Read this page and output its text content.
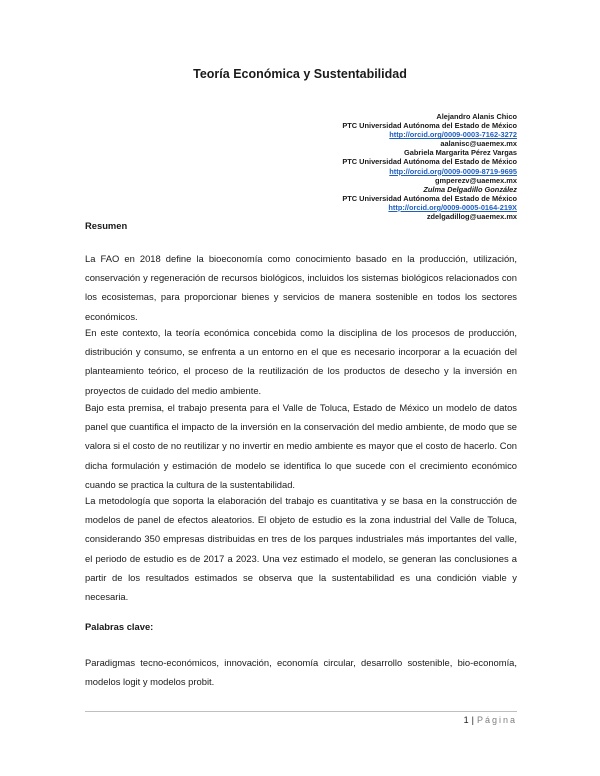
Teoría Económica y Sustentabilidad
Alejandro Alanis Chico
PTC Universidad Autónoma del Estado de México
http://orcid.org/0009-0003-7162-3272
aalanisc@uaemex.mx
Gabriela Margarita Pérez Vargas
PTC Universidad Autónoma del Estado de México
http://orcid.org/0009-0009-8719-9695
gmperezv@uaemex.mx
Zulma Delgadillo González
PTC Universidad Autónoma del Estado de México
http://orcid.org/0009-0005-0164-219X
zdelgadillog@uaemex.mx
Resumen

La FAO en 2018 define la bioeconomía como conocimiento basado en la producción, utilización, conservación y regeneración de recursos biológicos, incluidos los sistemas biológicos relacionados con los ecosistemas, para proporcionar bienes y servicios de manera sostenible en todos los sectores económicos.

En este contexto, la teoría económica concebida como la disciplina de los procesos de producción, distribución y consumo, se enfrenta a un entorno en el que es necesario incorporar a la ecuación del planteamiento teórico, el proceso de la reutilización de los productos de desecho y la inversión en proyectos de cuidado del medio ambiente.

Bajo esta premisa, el trabajo presenta para el Valle de Toluca, Estado de México un modelo de datos panel que cuantifica el impacto de la inversión en la conservación del medio ambiente, de modo que se valora si el costo de no reutilizar y no invertir en medio ambiente es mayor que el costo de hacerlo. Con dicha formulación y estimación de modelo se identifica lo que sucede con el crecimiento económico cuando se practica la cultura de la sustentabilidad.

La metodología que soporta la elaboración del trabajo es cuantitativa y se basa en la construcción de modelos de panel de efectos aleatorios. El objeto de estudio es la zona industrial del Valle de Toluca, considerando 350 empresas distribuidas en tres de los parques industriales más importantes del valle, el periodo de estudio es de 2017 a 2023. Una vez estimado el modelo, se generan las conclusiones a partir de los resultados estimados se observa que la sustentabilidad es una condición viable y necesaria.

Palabras clave:

Paradigmas tecno-económicos, innovación, economía circular, desarrollo sostenible, bio-economía, modelos logit y modelos probit.

1 | Página
